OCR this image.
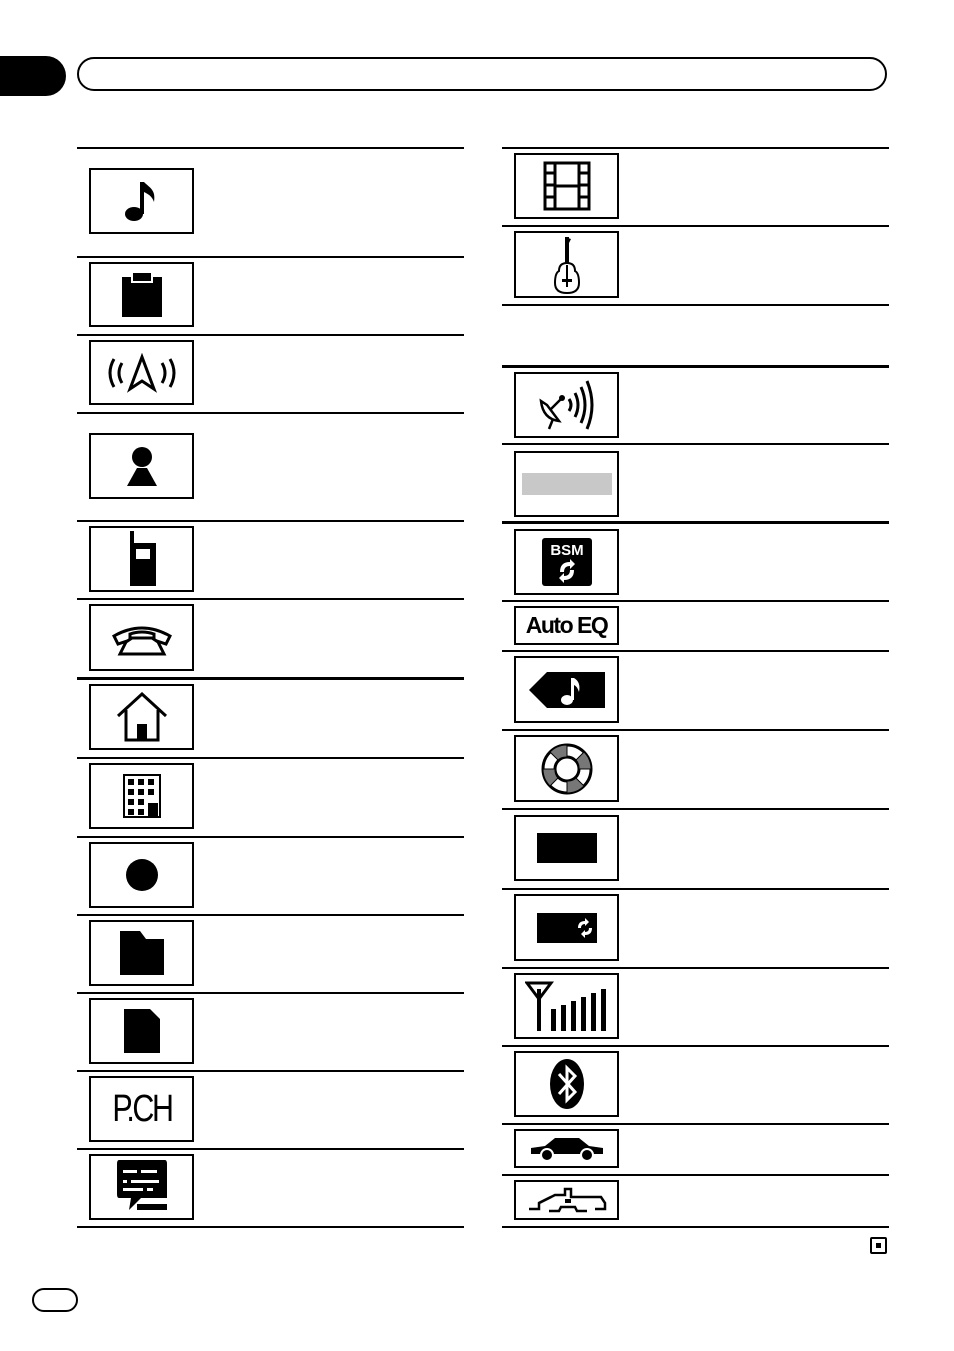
P.CH
BSM
Auto EQ
